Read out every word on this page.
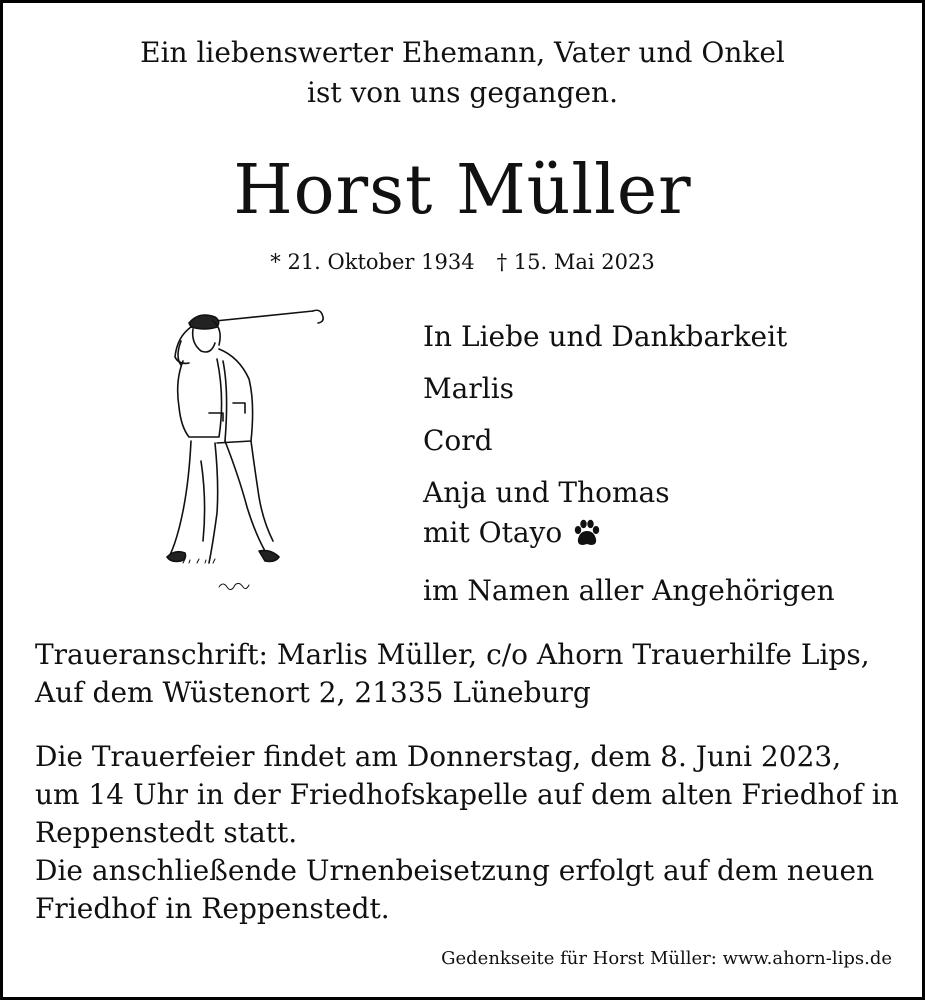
Ein liebenswerter Ehemann, Vater und Onkel
ist von uns gegangen.
Horst Müller
* 21. Oktober 1934 † 15. Mai 2023
In Liebe und Dankbarkeit
Marlis
Cord
Anja und Thomas
mit Otayo
im Namen aller Angehörigen
Traueranschrift: Marlis Müller, c/o Ahorn Trauerhilfe Lips,
Auf dem Wüstenort 2, 21335 Lüneburg
Die Trauerfeier findet am Donnerstag, dem 8. Juni 2023,
um 14 Uhr in der Friedhofskapelle auf dem alten Friedhof in
Reppenstedt statt.
Die anschließende Urnenbeisetzung erfolgt auf dem neuen
Friedhof in Reppenstedt.
Gedenkseite für Horst Müller: www.ahorn-lips.de
